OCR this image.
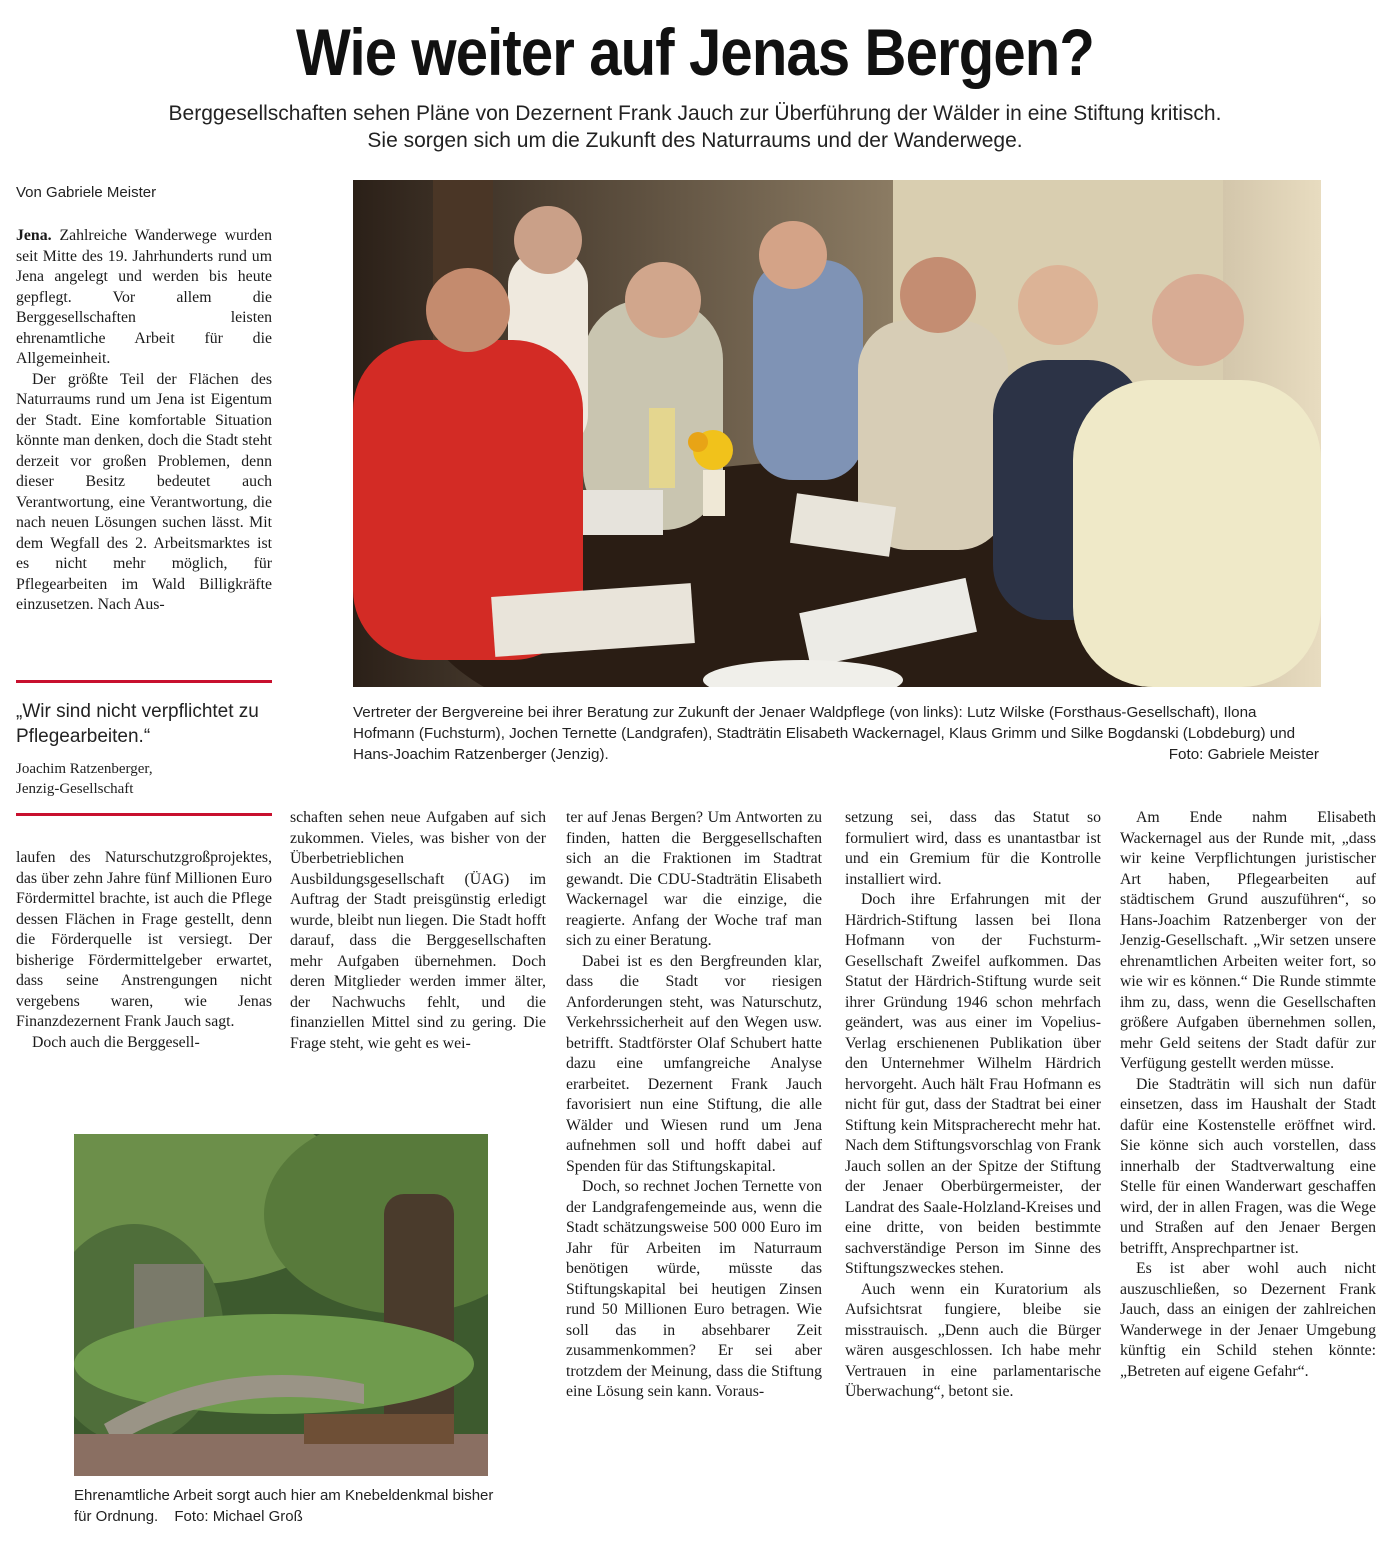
Wie weiter auf Jenas Bergen?
Berggesellschaften sehen Pläne von Dezernent Frank Jauch zur Überführung der Wälder in eine Stiftung kritisch.
Sie sorgen sich um die Zukunft des Naturraums und der Wanderwege.
Von Gabriele Meister

Jena. Zahlreiche Wanderwege wurden seit Mitte des 19. Jahrhunderts rund um Jena angelegt und werden bis heute gepflegt. Vor allem die Berggesellschaften leisten ehrenamtliche Arbeit für die Allgemeinheit.

Der größte Teil der Flächen des Naturraums rund um Jena ist Eigentum der Stadt. Eine komfortable Situation könnte man denken, doch die Stadt steht derzeit vor großen Problemen, denn dieser Besitz bedeutet auch Verantwortung, eine Verantwortung, die nach neuen Lösungen suchen lässt. Mit dem Wegfall des 2. Arbeitsmarktes ist es nicht mehr möglich, für Pflegearbeiten im Wald Billigkräfte einzusetzen. Nach Aus-

Vertreter der Bergvereine bei ihrer Beratung zur Zukunft der Jenaer Waldpflege (von links): Lutz Wilske (Forsthaus-Gesellschaft), Ilona Hofmann (Fuchsturm), Jochen Ternette (Landgrafen), Stadträtin Elisabeth Wackernagel, Klaus Grimm und Silke Bogdanski (Lobdeburg) und Hans-Joachim Ratzenberger (Jenzig).	Foto: Gabriele Meister
„Wir sind nicht verpflichtet zu Pflegearbeiten.“
Joachim Ratzenberger,
Jenzig-Gesellschaft

laufen des Naturschutzgroßprojektes, das über zehn Jahre fünf Millionen Euro Fördermittel brachte, ist auch die Pflege dessen Flächen in Frage gestellt, denn die Förderquelle ist versiegt. Der bisherige Fördermittelgeber erwartet, dass seine Anstrengungen nicht vergebens waren, wie Jenas Finanzdezernent Frank Jauch sagt.

Doch auch die Berggesell-

schaften sehen neue Aufgaben auf sich zukommen. Vieles, was bisher von der Überbetrieblichen Ausbildungsgesellschaft (ÜAG) im Auftrag der Stadt preisgünstig erledigt wurde, bleibt nun liegen. Die Stadt hofft darauf, dass die Berggesellschaften mehr Aufgaben übernehmen. Doch deren Mitglieder werden immer älter, der Nachwuchs fehlt, und die finanziellen Mittel sind zu gering. Die Frage steht, wie geht es wei-

Ehrenamtliche Arbeit sorgt auch hier am Knebeldenkmal bisher für Ordnung. Foto: Michael Groß

ter auf Jenas Bergen? Um Antworten zu finden, hatten die Berggesellschaften sich an die Fraktionen im Stadtrat gewandt. Die CDU-Stadträtin Elisabeth Wackernagel war die einzige, die reagierte. Anfang der Woche traf man sich zu einer Beratung.

Dabei ist es den Bergfreunden klar, dass die Stadt vor riesigen Anforderungen steht, was Naturschutz, Verkehrssicherheit auf den Wegen usw. betrifft. Stadtförster Olaf Schubert hatte dazu eine umfangreiche Analyse erarbeitet. Dezernent Frank Jauch favorisiert nun eine Stiftung, die alle Wälder und Wiesen rund um Jena aufnehmen soll und hofft dabei auf Spenden für das Stiftungskapital.

Doch, so rechnet Jochen Ternette von der Landgrafengemeinde aus, wenn die Stadt schätzungsweise 500 000 Euro im Jahr für Arbeiten im Naturraum benötigen würde, müsste das Stiftungskapital bei heutigen Zinsen rund 50 Millionen Euro betragen. Wie soll das in absehbarer Zeit zusammenkommen? Er sei aber trotzdem der Meinung, dass die Stiftung eine Lösung sein kann. Voraus-

setzung sei, dass das Statut so formuliert wird, dass es unantastbar ist und ein Gremium für die Kontrolle installiert wird.

Doch ihre Erfahrungen mit der Härdrich-Stiftung lassen bei Ilona Hofmann von der Fuchsturm-Gesellschaft Zweifel aufkommen. Das Statut der Härdrich-Stiftung wurde seit ihrer Gründung 1946 schon mehrfach geändert, was aus einer im Vopelius-Verlag erschienenen Publikation über den Unternehmer Wilhelm Härdrich hervorgeht. Auch hält Frau Hofmann es nicht für gut, dass der Stadtrat bei einer Stiftung kein Mitspracherecht mehr hat. Nach dem Stiftungsvorschlag von Frank Jauch sollen an der Spitze der Stiftung der Jenaer Oberbürgermeister, der Landrat des Saale-Holzland-Kreises und eine dritte, von beiden bestimmte sachverständige Person im Sinne des Stiftungszweckes stehen.

Auch wenn ein Kuratorium als Aufsichtsrat fungiere, bleibe sie misstrauisch. „Denn auch die Bürger wären ausgeschlossen. Ich habe mehr Vertrauen in eine parlamentarische Überwachung“, betont sie.

Am Ende nahm Elisabeth Wackernagel aus der Runde mit, „dass wir keine Verpflichtungen juristischer Art haben, Pflegearbeiten auf städtischem Grund auszuführen“, so Hans-Joachim Ratzenberger von der Jenzig-Gesellschaft. „Wir setzen unsere ehrenamtlichen Arbeiten weiter fort, so wie wir es können.“ Die Runde stimmte ihm zu, dass, wenn die Gesellschaften größere Aufgaben übernehmen sollen, mehr Geld seitens der Stadt dafür zur Verfügung gestellt werden müsse.

Die Stadträtin will sich nun dafür einsetzen, dass im Haushalt der Stadt dafür eine Kostenstelle eröffnet wird. Sie könne sich auch vorstellen, dass innerhalb der Stadtverwaltung eine Stelle für einen Wanderwart geschaffen wird, der in allen Fragen, was die Wege und Straßen auf den Jenaer Bergen betrifft, Ansprechpartner ist.

Es ist aber wohl auch nicht auszuschließen, so Dezernent Frank Jauch, dass an einigen der zahlreichen Wanderwege in der Jenaer Umgebung künftig ein Schild stehen könnte: „Betreten auf eigene Gefahr“.
